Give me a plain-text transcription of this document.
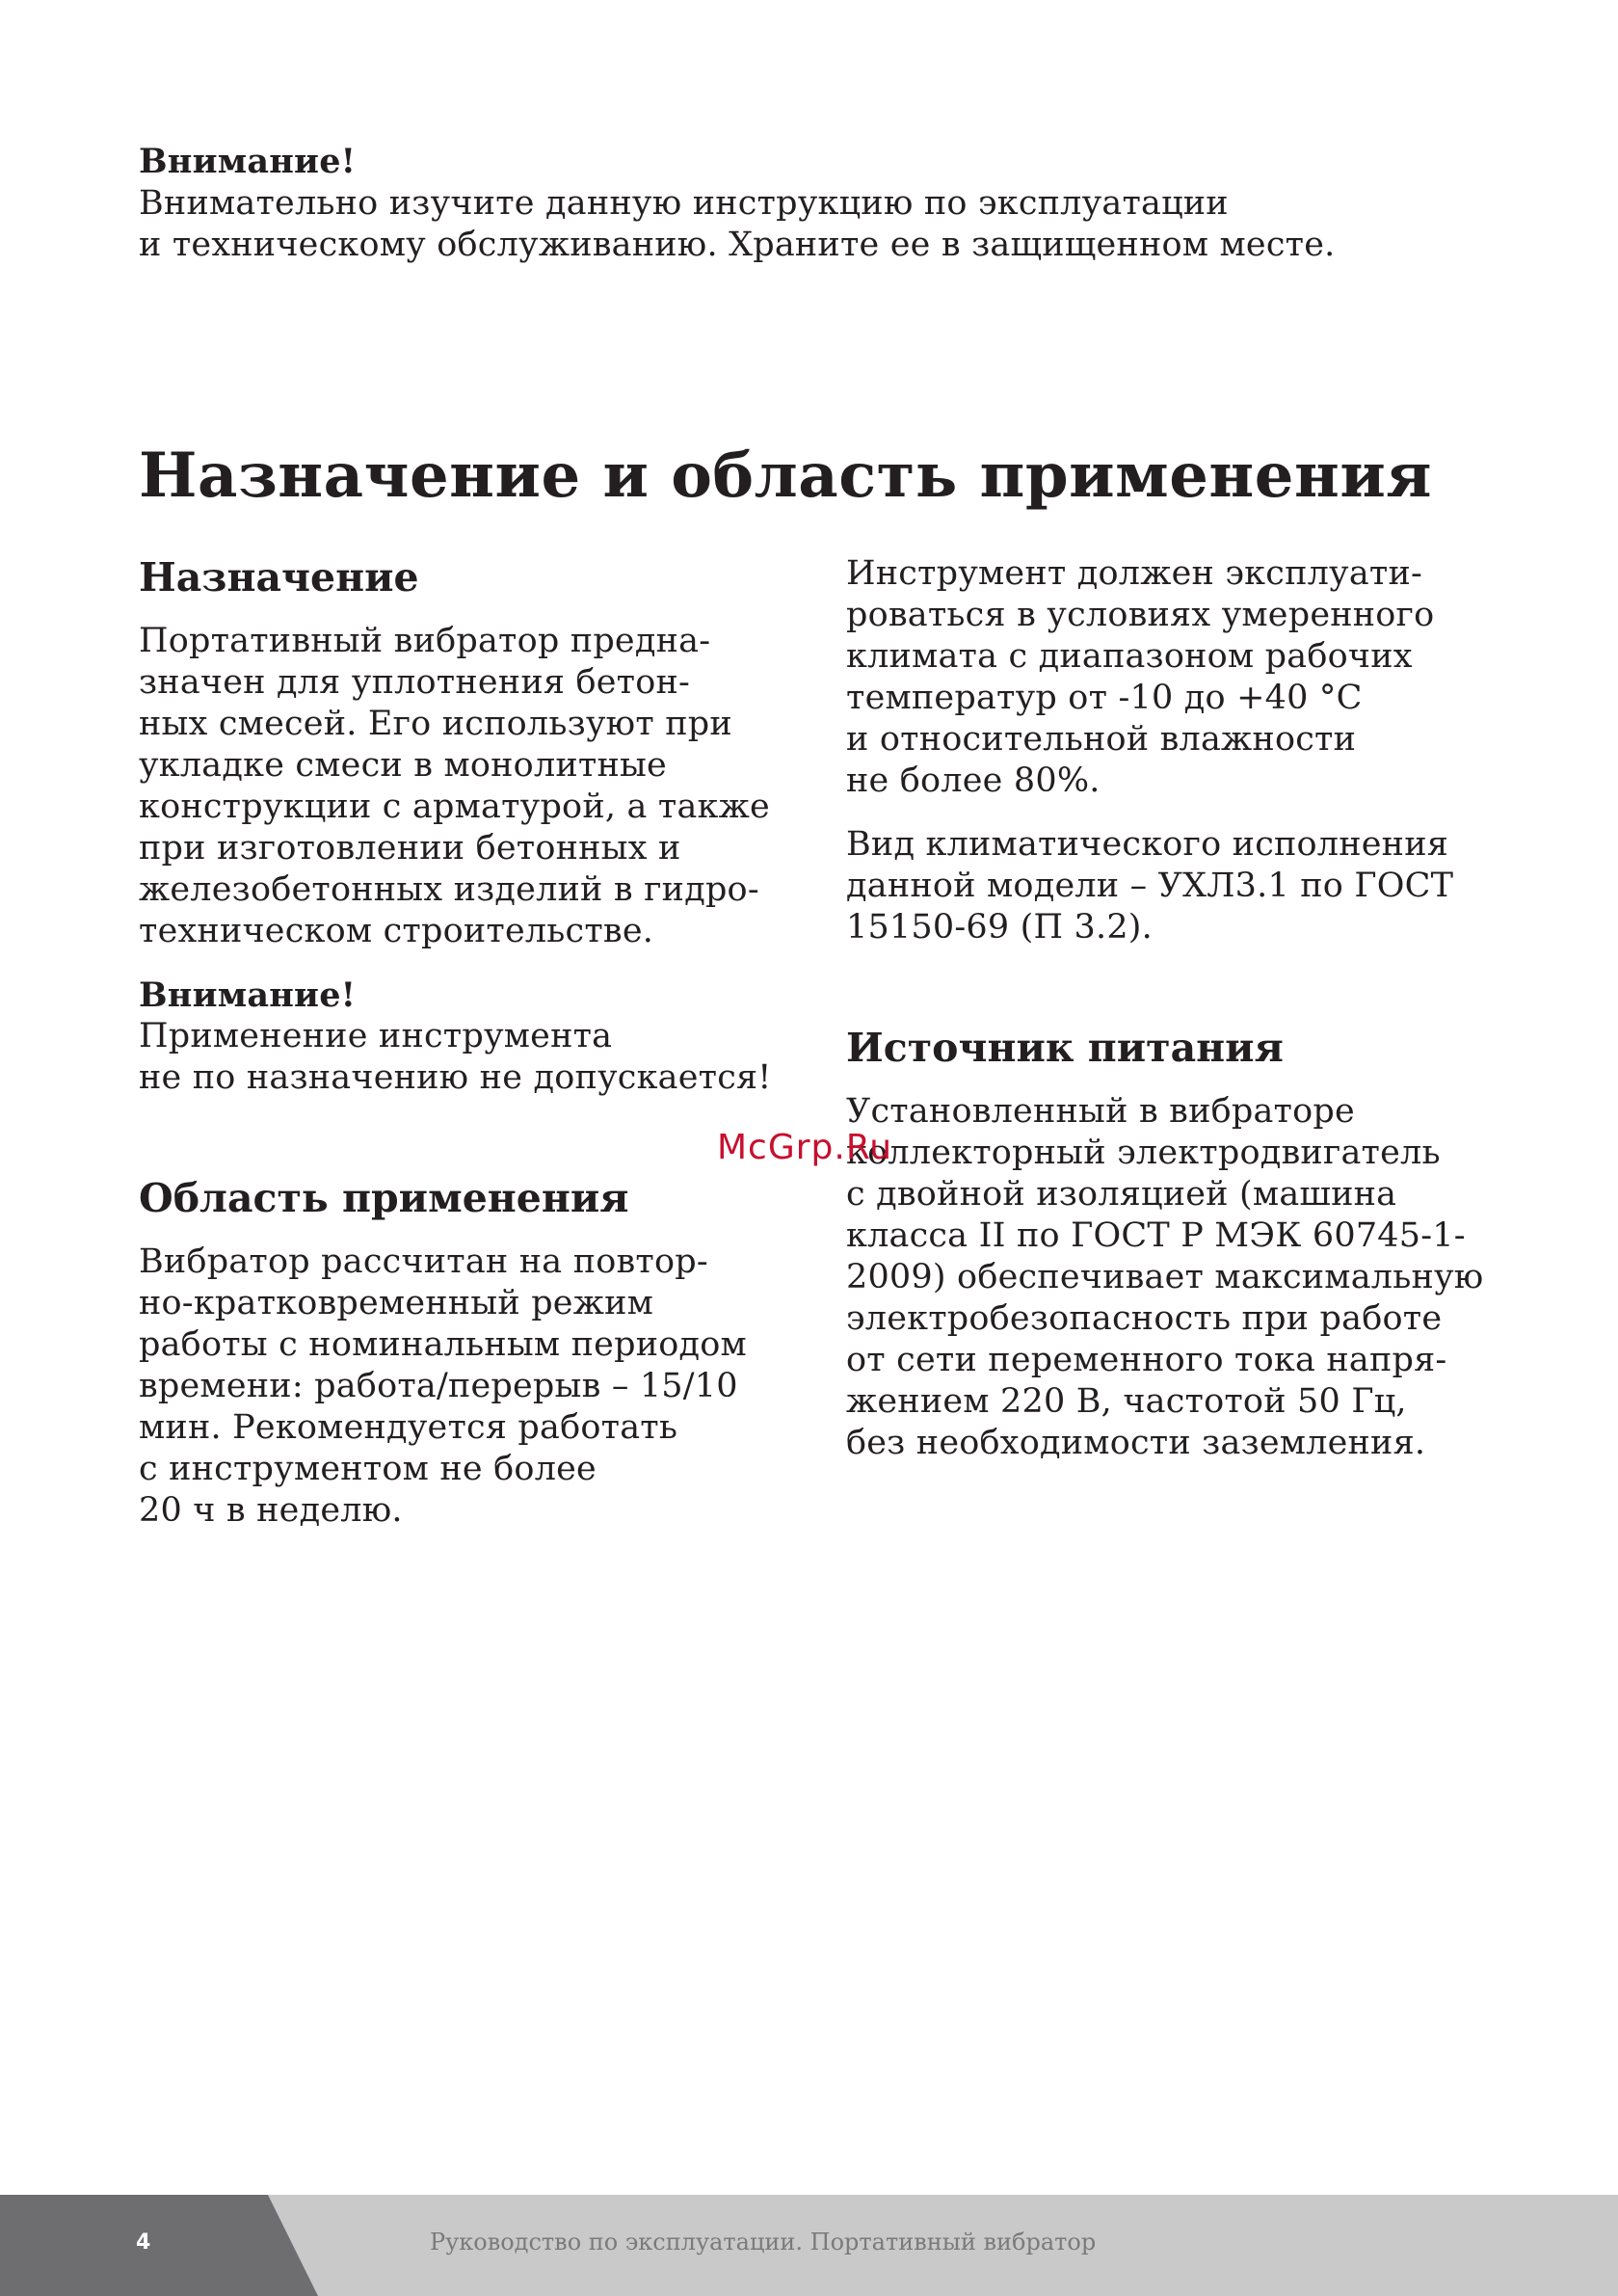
Внимание!

Внимательно изучите данную инструкцию по эксплуатации

и техническому обслуживанию. Храните ее в защищенном месте.

Назначение и область применения
Назначение

Портативный вибратор предна-

значен для уплотнения бетон-

ных смесей. Его используют при

укладке смеси в монолитные

конструкции с арматурой, а также

при изготовлении бетонных и

железобетонных изделий в гидро-

техническом строительстве.

Внимание!

Применение инструмента

не по назначению не допускается!

Область применения

Вибратор рассчитан на повтор-

но-кратковременный режим

работы с номинальным периодом

времени: работа/перерыв – 15/10

мин. Рекомендуется работать

с инструментом не более

20 ч в неделю.

Инструмент должен эксплуати-

роваться в условиях умеренного

климата с диапазоном рабочих

температур от -10 до +40 °С

и относительной влажности

не более 80%.

Вид климатического исполнения

данной модели – УХЛ3.1 по ГОСТ

15150-69 (П 3.2).

Источник питания

Установленный в вибраторе

коллекторный электродвигатель

с двойной изоляцией (машина

класса II по ГОСТ Р МЭК 60745-1-

2009) обеспечивает максимальную

электробезопасность при работе

от сети переменного тока напря-

жением 220 В, частотой 50 Гц,

без необходимости заземления.

McGrp.Ru
4	Руководство по эксплуатации. Портативный вибратор
